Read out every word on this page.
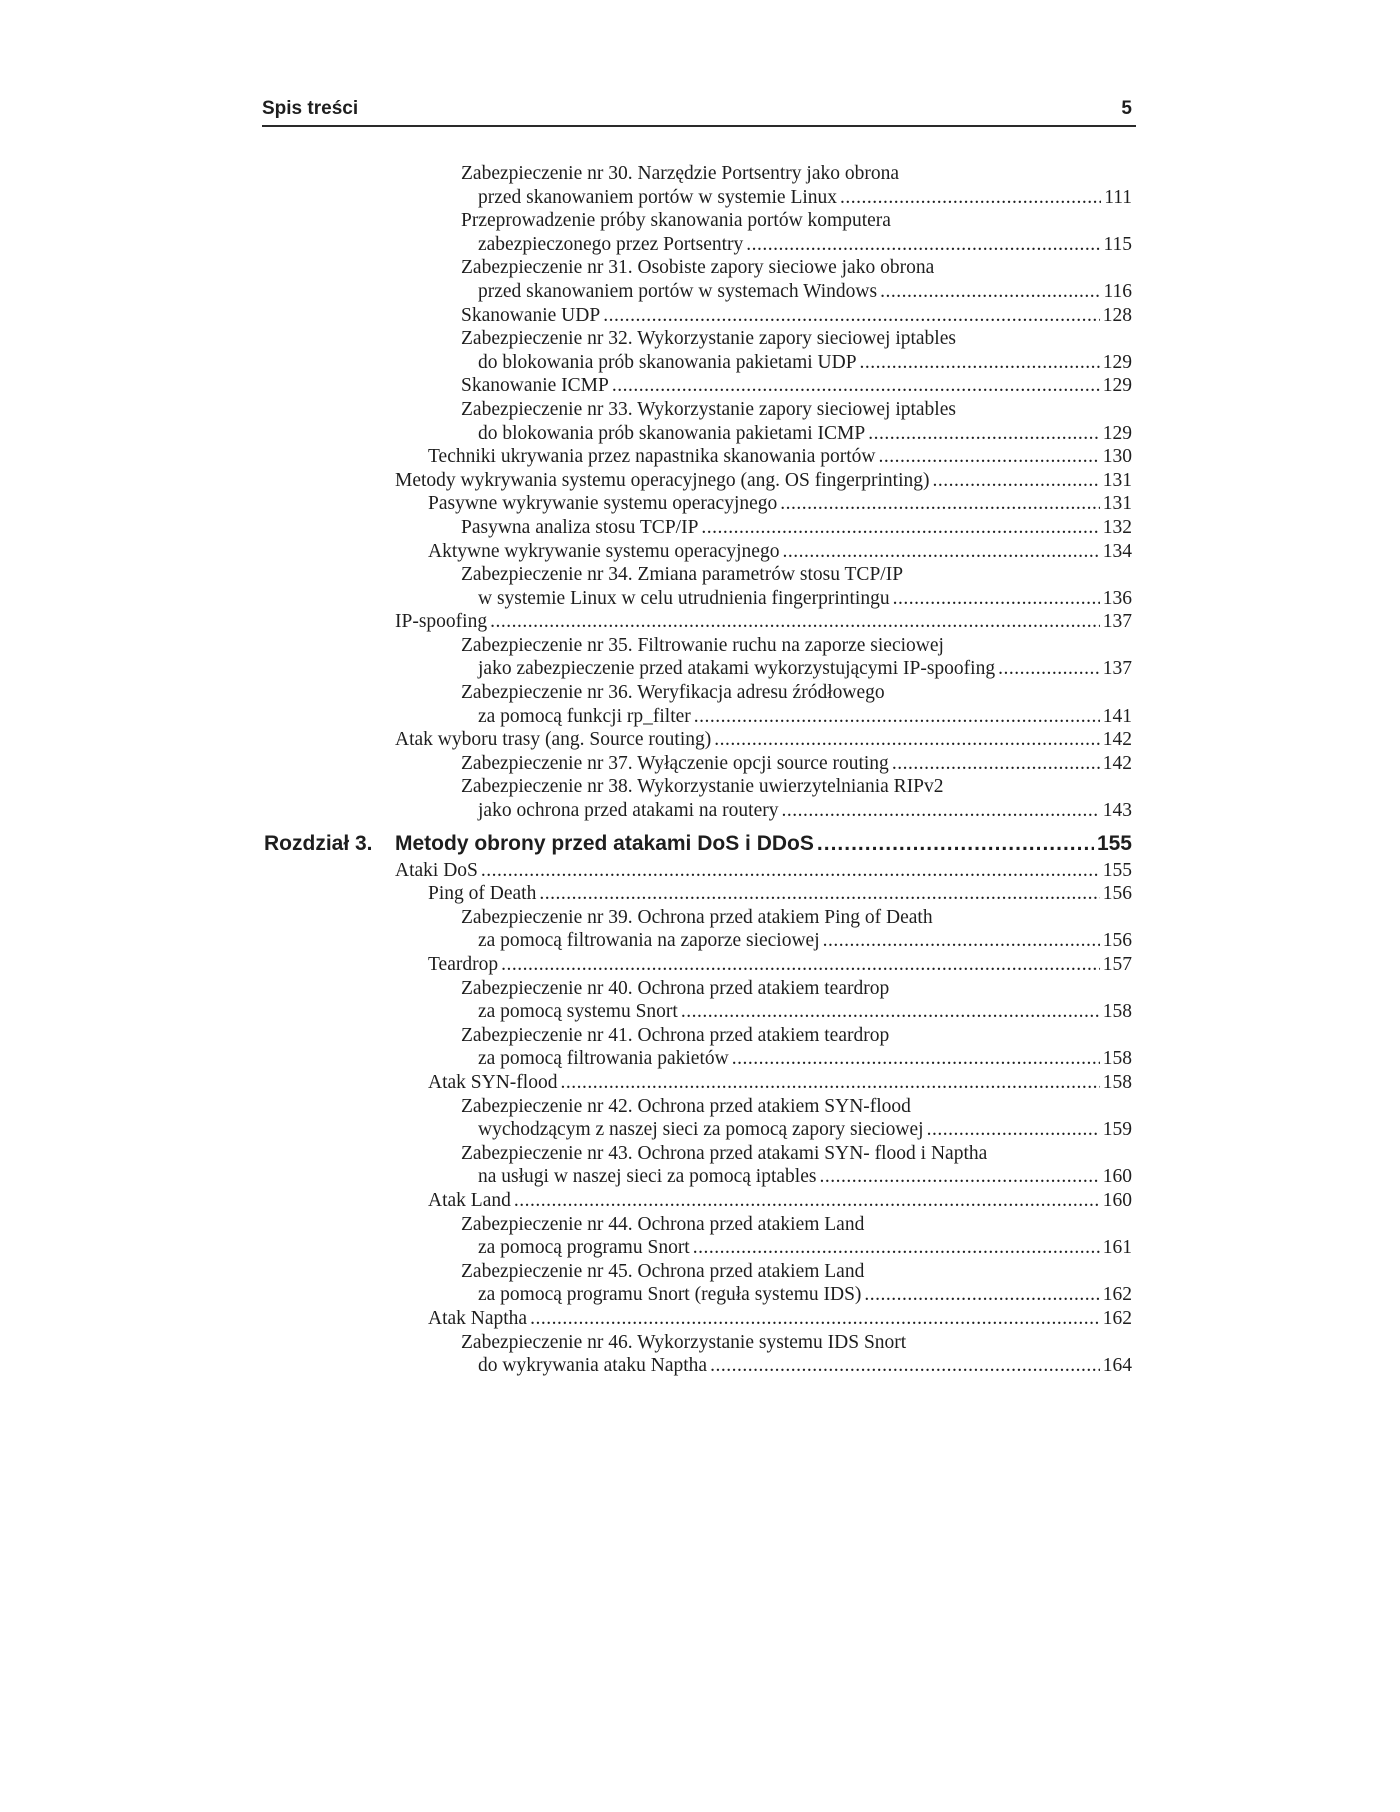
Spis treści	5
Zabezpieczenie nr 30. Narzędzie Portsentry jako obrona
przed skanowaniem portów w systemie Linux .....	111
Przeprowadzenie próby skanowania portów komputera
zabezpieczonego przez Portsentry .....	115
Zabezpieczenie nr 31. Osobiste zapory sieciowe jako obrona
przed skanowaniem portów w systemach Windows .....	116
Skanowanie UDP .....	128
Zabezpieczenie nr 32. Wykorzystanie zapory sieciowej iptables
do blokowania prób skanowania pakietami UDP .....	129
Skanowanie ICMP .....	129
Zabezpieczenie nr 33. Wykorzystanie zapory sieciowej iptables
do blokowania prób skanowania pakietami ICMP .....	129
Techniki ukrywania przez napastnika skanowania portów .....	130
Metody wykrywania systemu operacyjnego (ang. OS fingerprinting) .....	131
Pasywne wykrywanie systemu operacyjnego .....	131
Pasywna analiza stosu TCP/IP .....	132
Aktywne wykrywanie systemu operacyjnego .....	134
Zabezpieczenie nr 34. Zmiana parametrów stosu TCP/IP
w systemie Linux w celu utrudnienia fingerprintingu .....	136
IP-spoofing .....	137
Zabezpieczenie nr 35. Filtrowanie ruchu na zaporze sieciowej
jako zabezpieczenie przed atakami wykorzystującymi IP-spoofing .....	137
Zabezpieczenie nr 36. Weryfikacja adresu źródłowego
za pomocą funkcji rp_filter .....	141
Atak wyboru trasy (ang. Source routing) .....	142
Zabezpieczenie nr 37. Wyłączenie opcji source routing .....	142
Zabezpieczenie nr 38. Wykorzystanie uwierzytelniania RIPv2
jako ochrona przed atakami na routery .....	143
Rozdział 3. Metody obrony przed atakami DoS i DDoS .....	155
Ataki DoS .....	155
Ping of Death .....	156
Zabezpieczenie nr 39. Ochrona przed atakiem Ping of Death
za pomocą filtrowania na zaporze sieciowej .....	156
Teardrop .....	157
Zabezpieczenie nr 40. Ochrona przed atakiem teardrop
za pomocą systemu Snort .....	158
Zabezpieczenie nr 41. Ochrona przed atakiem teardrop
za pomocą filtrowania pakietów .....	158
Atak SYN-flood .....	158
Zabezpieczenie nr 42. Ochrona przed atakiem SYN-flood
wychodzącym z naszej sieci za pomocą zapory sieciowej .....	159
Zabezpieczenie nr 43. Ochrona przed atakami SYN- flood i Naptha
na usługi w naszej sieci za pomocą iptables .....	160
Atak Land .....	160
Zabezpieczenie nr 44. Ochrona przed atakiem Land
za pomocą programu Snort .....	161
Zabezpieczenie nr 45. Ochrona przed atakiem Land
za pomocą programu Snort (reguła systemu IDS) .....	162
Atak Naptha .....	162
Zabezpieczenie nr 46. Wykorzystanie systemu IDS Snort
do wykrywania ataku Naptha .....	164
